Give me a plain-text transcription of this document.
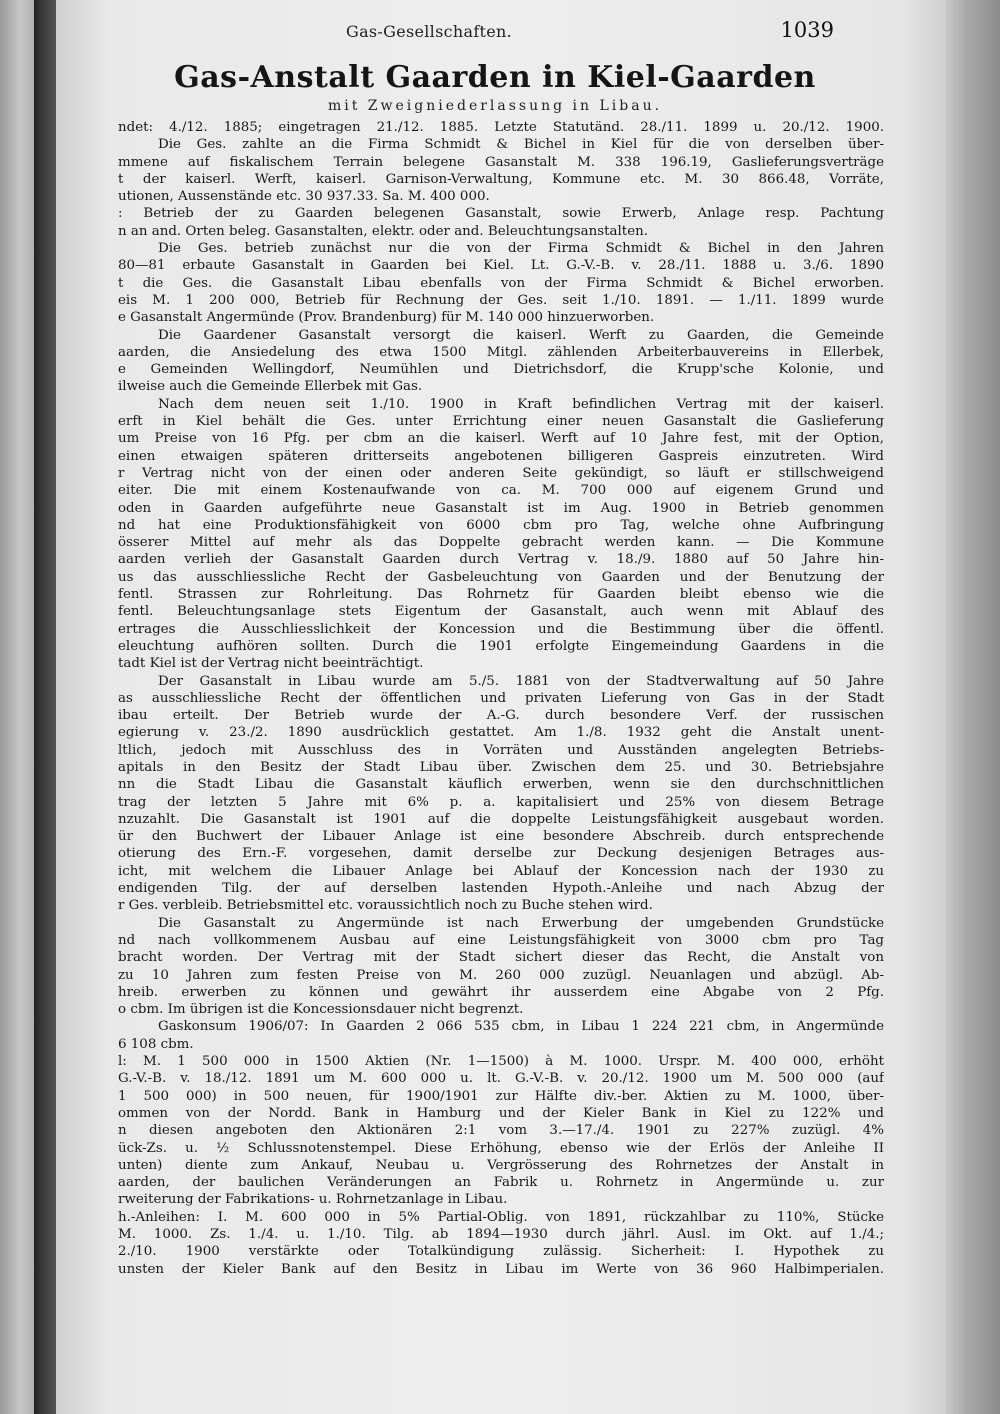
Gas-Gesellschaften.	1039
Gas-Anstalt Gaarden in Kiel-Gaarden
mit Zweigniederlassung in Libau.
ndet: 4./12. 1885; eingetragen 21./12. 1885. Letzte Statutänd. 28./11. 1899 u. 20./12. 1900.
Die Ges. zahlte an die Firma Schmidt & Bichel in Kiel für die von derselben über-
mmene auf fiskalischem Terrain belegene Gasanstalt M. 338 196.19, Gaslieferungsverträge
t der kaiserl. Werft, kaiserl. Garnison-Verwaltung, Kommune etc. M. 30 866.48, Vorräte,
utionen, Aussenstände etc. 30 937.33. Sa. M. 400 000.
: Betrieb der zu Gaarden belegenen Gasanstalt, sowie Erwerb, Anlage resp. Pachtung
n an and. Orten beleg. Gasanstalten, elektr. oder and. Beleuchtungsanstalten.
Die Ges. betrieb zunächst nur die von der Firma Schmidt & Bichel in den Jahren
80—81 erbaute Gasanstalt in Gaarden bei Kiel. Lt. G.-V.-B. v. 28./11. 1888 u. 3./6. 1890
t die Ges. die Gasanstalt Libau ebenfalls von der Firma Schmidt & Bichel erworben.
eis M. 1 200 000, Betrieb für Rechnung der Ges. seit 1./10. 1891. — 1./11. 1899 wurde
e Gasanstalt Angermünde (Prov. Brandenburg) für M. 140 000 hinzuerworben.
Die Gaardener Gasanstalt versorgt die kaiserl. Werft zu Gaarden, die Gemeinde
aarden, die Ansiedelung des etwa 1500 Mitgl. zählenden Arbeiterbauvereins in Ellerbek,
e Gemeinden Wellingdorf, Neumühlen und Dietrichsdorf, die Krupp'sche Kolonie, und
ilweise auch die Gemeinde Ellerbek mit Gas.
Nach dem neuen seit 1./10. 1900 in Kraft befindlichen Vertrag mit der kaiserl.
erft in Kiel behält die Ges. unter Errichtung einer neuen Gasanstalt die Gaslieferung
um Preise von 16 Pfg. per cbm an die kaiserl. Werft auf 10 Jahre fest, mit der Option,
einen etwaigen späteren dritterseits angebotenen billigeren Gaspreis einzutreten. Wird
r Vertrag nicht von der einen oder anderen Seite gekündigt, so läuft er stillschweigend
eiter. Die mit einem Kostenaufwande von ca. M. 700 000 auf eigenem Grund und
oden in Gaarden aufgeführte neue Gasanstalt ist im Aug. 1900 in Betrieb genommen
nd hat eine Produktionsfähigkeit von 6000 cbm pro Tag, welche ohne Aufbringung
össerer Mittel auf mehr als das Doppelte gebracht werden kann. — Die Kommune
aarden verlieh der Gasanstalt Gaarden durch Vertrag v. 18./9. 1880 auf 50 Jahre hin-
us das ausschliessliche Recht der Gasbeleuchtung von Gaarden und der Benutzung der
fentl. Strassen zur Rohrleitung. Das Rohrnetz für Gaarden bleibt ebenso wie die
fentl. Beleuchtungsanlage stets Eigentum der Gasanstalt, auch wenn mit Ablauf des
ertrages die Ausschliesslichkeit der Koncession und die Bestimmung über die öffentl.
eleuchtung aufhören sollten. Durch die 1901 erfolgte Eingemeindung Gaardens in die
tadt Kiel ist der Vertrag nicht beeinträchtigt.
Der Gasanstalt in Libau wurde am 5./5. 1881 von der Stadtverwaltung auf 50 Jahre
as ausschliessliche Recht der öffentlichen und privaten Lieferung von Gas in der Stadt
ibau erteilt. Der Betrieb wurde der A.-G. durch besondere Verf. der russischen
egierung v. 23./2. 1890 ausdrücklich gestattet. Am 1./8. 1932 geht die Anstalt unent-
ltlich, jedoch mit Ausschluss des in Vorräten und Ausständen angelegten Betriebs-
apitals in den Besitz der Stadt Libau über. Zwischen dem 25. und 30. Betriebsjahre
nn die Stadt Libau die Gasanstalt käuflich erwerben, wenn sie den durchschnittlichen
trag der letzten 5 Jahre mit 6% p. a. kapitalisiert und 25% von diesem Betrage
nzuzahlt. Die Gasanstalt ist 1901 auf die doppelte Leistungsfähigkeit ausgebaut worden.
ür den Buchwert der Libauer Anlage ist eine besondere Abschreib. durch entsprechende
otierung des Ern.-F. vorgesehen, damit derselbe zur Deckung desjenigen Betrages aus-
icht, mit welchem die Libauer Anlage bei Ablauf der Koncession nach der 1930 zu
endigenden Tilg. der auf derselben lastenden Hypoth.-Anleihe und nach Abzug der
r Ges. verbleib. Betriebsmittel etc. voraussichtlich noch zu Buche stehen wird.
Die Gasanstalt zu Angermünde ist nach Erwerbung der umgebenden Grundstücke
nd nach vollkommenem Ausbau auf eine Leistungsfähigkeit von 3000 cbm pro Tag
bracht worden. Der Vertrag mit der Stadt sichert dieser das Recht, die Anstalt von
zu 10 Jahren zum festen Preise von M. 260 000 zuzügl. Neuanlagen und abzügl. Ab-
hreib. erwerben zu können und gewährt ihr ausserdem eine Abgabe von 2 Pfg.
o cbm. Im übrigen ist die Koncessionsdauer nicht begrenzt.
Gaskonsum 1906/07: In Gaarden 2 066 535 cbm, in Libau 1 224 221 cbm, in Angermünde
6 108 cbm.
l: M. 1 500 000 in 1500 Aktien (Nr. 1—1500) à M. 1000. Urspr. M. 400 000, erhöht
G.-V.-B. v. 18./12. 1891 um M. 600 000 u. lt. G.-V.-B. v. 20./12. 1900 um M. 500 000 (auf
1 500 000) in 500 neuen, für 1900/1901 zur Hälfte div.-ber. Aktien zu M. 1000, über-
ommen von der Nordd. Bank in Hamburg und der Kieler Bank in Kiel zu 122% und
n diesen angeboten den Aktionären 2:1 vom 3.—17./4. 1901 zu 227% zuzügl. 4%
ück-Zs. u. ½ Schlussnotenstempel. Diese Erhöhung, ebenso wie der Erlös der Anleihe II
unten) diente zum Ankauf, Neubau u. Vergrösserung des Rohrnetzes der Anstalt in
aarden, der baulichen Veränderungen an Fabrik u. Rohrnetz in Angermünde u. zur
rweiterung der Fabrikations- u. Rohrnetzanlage in Libau.
h.-Anleihen: I. M. 600 000 in 5% Partial-Oblig. von 1891, rückzahlbar zu 110%, Stücke
M. 1000. Zs. 1./4. u. 1./10. Tilg. ab 1894—1930 durch jährl. Ausl. im Okt. auf 1./4.;
2./10. 1900 verstärkte oder Totalkündigung zulässig. Sicherheit: I. Hypothek zu
unsten der Kieler Bank auf den Besitz in Libau im Werte von 36 960 Halbimperialen.
